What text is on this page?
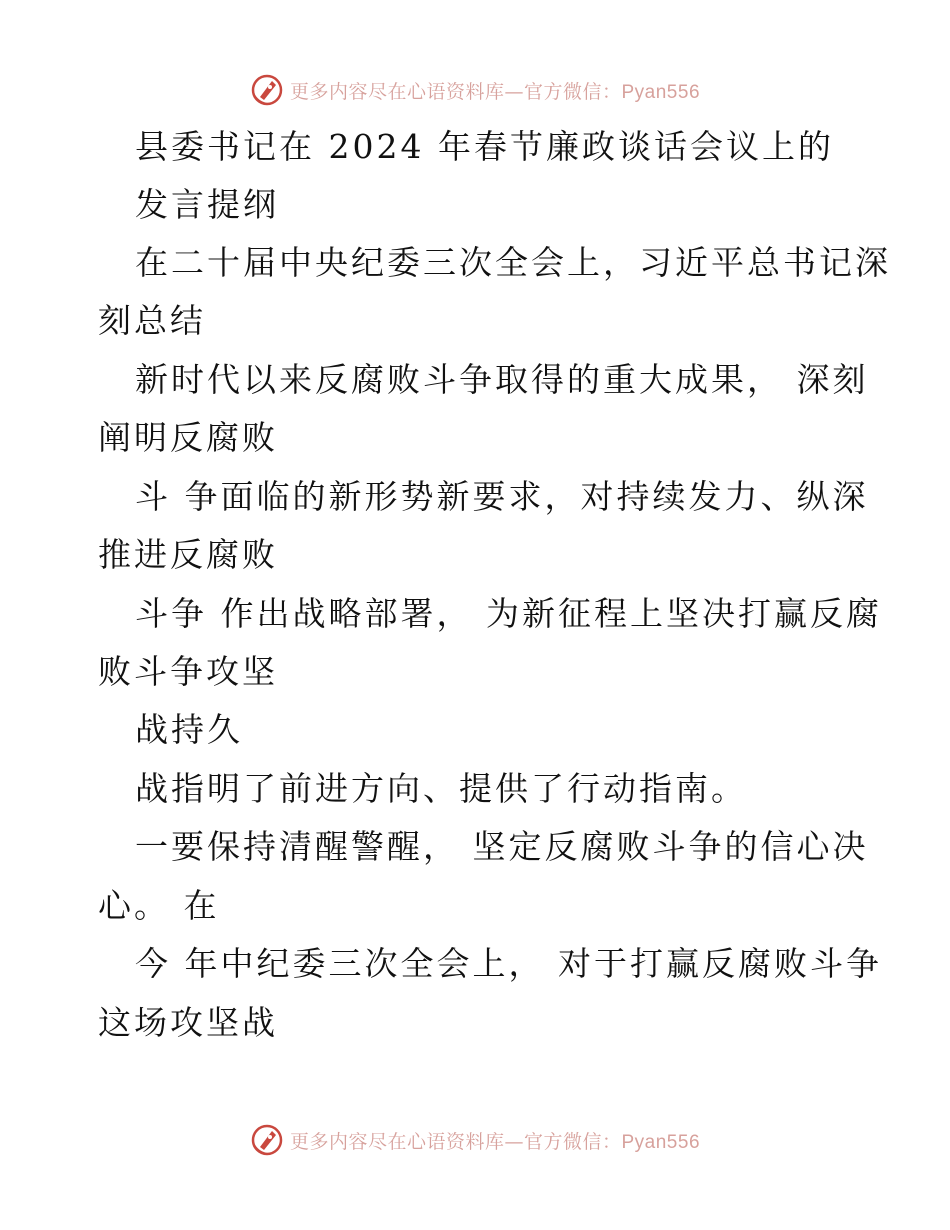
更多内容尽在心语资料库—官方微信：Pyan556
县委书记在 2024 年春节廉政谈话会议上的
发言提纲
在二十届中央纪委三次全会上，习近平总书记深
刻总结
新时代以来反腐败斗争取得的重大成果， 深刻
阐明反腐败
斗 争面临的新形势新要求，对持续发力、纵深
推进反腐败
斗争 作出战略部署， 为新征程上坚决打赢反腐
败斗争攻坚
战持久
战指明了前进方向、提供了行动指南。
一要保持清醒警醒， 坚定反腐败斗争的信心决
心。 在
今 年中纪委三次全会上， 对于打赢反腐败斗争
这场攻坚战
更多内容尽在心语资料库—官方微信：Pyan556
